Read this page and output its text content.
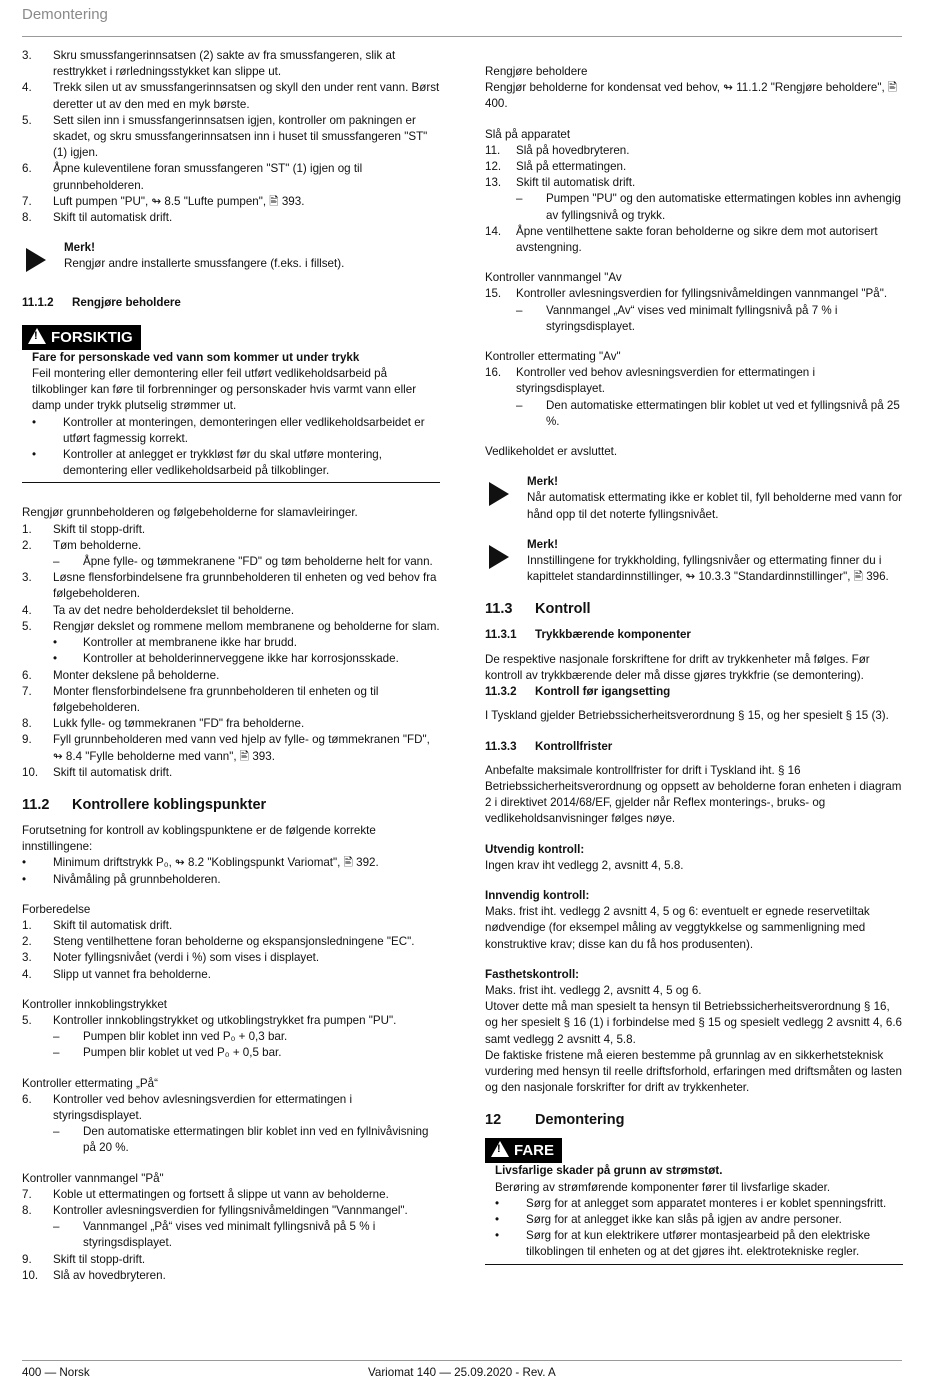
Demontering
3. Skru smussfangerinnsatsen (2) sakte av fra smussfangeren, slik at resttrykket i rørledningsstykket kan slippe ut.
4. Trekk silen ut av smussfangerinnsatsen og skyll den under rent vann. Børst deretter ut av den med en myk børste.
5. Sett silen inn i smussfangerinnsatsen igjen, kontroller om pakningen er skadet, og skru smussfangerinnsatsen inn i huset til smussfangeren "ST" (1) igjen.
6. Åpne kuleventilene foran smussfangeren "ST" (1) igjen og til grunnbeholderen.
7. Luft pumpen "PU", ↬ 8.5 "Lufte pumpen", 🖹 393.
8. Skift til automatisk drift.
Merk!
Rengjør andre installerte smussfangere (f.eks. i fillset).
11.1.2 Rengjøre beholdere
! FORSIKTIG
Fare for personskade ved vann som kommer ut under trykk
Feil montering eller demontering eller feil utført vedlikeholdsarbeid på tilkoblinger kan føre til forbrenninger og personskader hvis varmt vann eller damp under trykk plutselig strømmer ut.
• Kontroller at monteringen, demonteringen eller vedlikeholdsarbeidet er utført fagmessig korrekt.
• Kontroller at anlegget er trykkløst før du skal utføre montering, demontering eller vedlikeholdsarbeid på tilkoblinger.
Rengjør grunnbeholderen og følgebeholderne for slamavleiringer.
1. Skift til stopp-drift.
2. Tøm beholderne.
– Åpne fylle- og tømmekranene "FD" og tøm beholderne helt for vann.
3. Løsne flensforbindelsene fra grunnbeholderen til enheten og ved behov fra følgebeholderen.
4. Ta av det nedre beholderdekslet til beholderne.
5. Rengjør dekslet og rommene mellom membranene og beholderne for slam.
• Kontroller at membranene ikke har brudd.
• Kontroller at beholderinnerveggene ikke har korrosjonsskade.
6. Monter dekslene på beholderne.
7. Monter flensforbindelsene fra grunnbeholderen til enheten og til følgebeholderen.
8. Lukk fylle- og tømmekranen "FD" fra beholderne.
9. Fyll grunnbeholderen med vann ved hjelp av fylle- og tømmekranen "FD", ↬ 8.4 "Fylle beholderne med vann", 🖹 393.
10. Skift til automatisk drift.
11.2 Kontrollere koblingspunkter
Forutsetning for kontroll av koblingspunktene er de følgende korrekte innstillingene:
• Minimum driftstrykk P₀, ↬ 8.2 "Koblingspunkt Variomat", 🖹 392.
• Nivåmåling på grunnbeholderen.
Forberedelse
1. Skift til automatisk drift.
2. Steng ventilhettene foran beholderne og ekspansjonsledningene "EC".
3. Noter fyllingsnivået (verdi i %) som vises i displayet.
4. Slipp ut vannet fra beholderne.
Kontroller innkoblingstrykket
5. Kontroller innkoblingstrykket og utkoblingstrykket fra pumpen "PU".
– Pumpen blir koblet inn ved P₀ + 0,3 bar.
– Pumpen blir koblet ut ved P₀ + 0,5 bar.
Kontroller ettermating „På“
6. Kontroller ved behov avlesningsverdien for ettermatingen i styringsdisplayet.
– Den automatiske ettermatingen blir koblet inn ved en fyllnivåvisning på 20 %.
Kontroller vannmangel "På"
7. Koble ut ettermatingen og fortsett å slippe ut vann av beholderne.
8. Kontroller avlesningsverdien for fyllingsnivåmeldingen "Vannmangel".
– Vannmangel „På“ vises ved minimalt fyllingsnivå på 5 % i styringsdisplayet.
9. Skift til stopp-drift.
10. Slå av hovedbryteren.
Rengjøre beholdere
Rengjør beholderne for kondensat ved behov, ↬ 11.1.2 "Rengjøre beholdere", 🖹 400.
Slå på apparatet
11. Slå på hovedbryteren.
12. Slå på ettermatingen.
13. Skift til automatisk drift.
– Pumpen "PU" og den automatiske ettermatingen kobles inn avhengig av fyllingsnivå og trykk.
14. Åpne ventilhettene sakte foran beholderne og sikre dem mot autorisert avstengning.
Kontroller vannmangel "Av
15. Kontroller avlesningsverdien for fyllingsnivåmeldingen vannmangel "På".
– Vannmangel „Av“ vises ved minimalt fyllingsnivå på 7 % i styringsdisplayet.
Kontroller ettermating "Av"
16. Kontroller ved behov avlesningsverdien for ettermatingen i styringsdisplayet.
– Den automatiske ettermatingen blir koblet ut ved et fyllingsnivå på 25 %.
Vedlikeholdet er avsluttet.
Merk!
Når automatisk ettermating ikke er koblet til, fyll beholderne med vann for hånd opp til det noterte fyllingsnivået.
Merk!
Innstillingene for trykkholding, fyllingsnivåer og ettermating finner du i kapittelet standardinnstillinger, ↬ 10.3.3 "Standardinnstillinger", 🖹 396.
11.3 Kontroll
11.3.1 Trykkbærende komponenter
De respektive nasjonale forskriftene for drift av trykkenheter må følges. Før kontroll av trykkbærende deler må disse gjøres trykkfrie (se demontering).
11.3.2 Kontroll før igangsetting
I Tyskland gjelder Betriebssicherheitsverordnung § 15, og her spesielt § 15 (3).
11.3.3 Kontrollfrister
Anbefalte maksimale kontrollfrister for drift i Tyskland iht. § 16 Betriebssicherheitsverordnung og oppsett av beholderne foran enheten i diagram 2 i direktivet 2014/68/EF, gjelder når Reflex monterings-, bruks- og vedlikeholdsanvisninger følges nøye.
Utvendig kontroll:
Ingen krav iht vedlegg 2, avsnitt 4, 5.8.
Innvendig kontroll:
Maks. frist iht. vedlegg 2 avsnitt 4, 5 og 6: eventuelt er egnede reservetiltak nødvendige (for eksempel måling av veggtykkelse og sammenligning med konstruktive krav; disse kan du få hos produsenten).
Fasthetskontroll:
Maks. frist iht. vedlegg 2, avsnitt 4, 5 og 6.
Utover dette må man spesielt ta hensyn til Betriebssicherheitsverordnung § 16, og her spesielt § 16 (1) i forbindelse med § 15 og spesielt vedlegg 2 avsnitt 4, 6.6 samt vedlegg 2 avsnitt 4, 5.8.
De faktiske fristene må eieren bestemme på grunnlag av en sikkerhetsteknisk vurdering med hensyn til reelle driftsforhold, erfaringen med driftsmåten og lasten og den nasjonale forskrifter for drift av trykkenheter.
12 Demontering
! FARE
Livsfarlige skader på grunn av strømstøt.
Berøring av strømførende komponenter fører til livsfarlige skader.
• Sørg for at anlegget som apparatet monteres i er koblet spenningsfritt.
• Sørg for at anlegget ikke kan slås på igjen av andre personer.
• Sørg for at kun elektrikere utfører montasjearbeid på den elektriske tilkoblingen til enheten og at det gjøres iht. elektrotekniske regler.
400 — Norsk	Variomat 140 — 25.09.2020 - Rev. A
